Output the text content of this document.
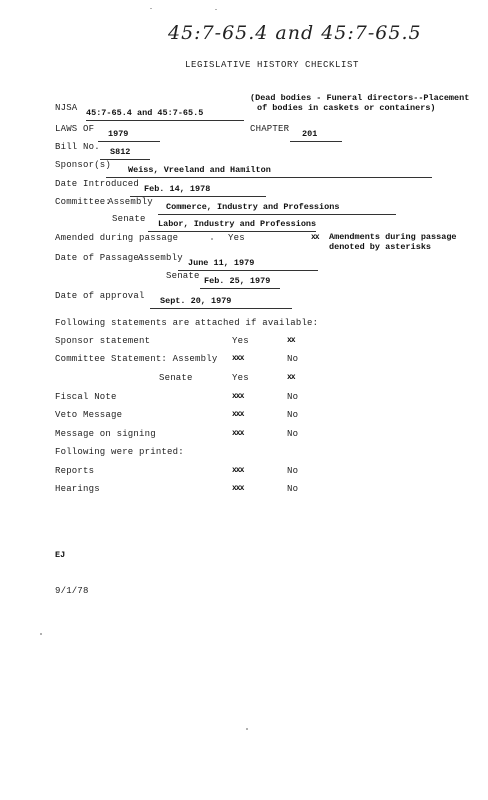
45:7-65.4 and 45:7-65.5
LEGISLATIVE HISTORY CHECKLIST
NJSA 45:7-65.4 and 45:7-65.5
(Dead bodies - Funeral directors--Placement
of bodies in caskets or containers)
LAWS OF	1979	CHAPTER	201
Bill No.	S812
Sponsor(s)	Weiss, Vreeland and Hamilton
Date Introduced Feb. 14, 1978
Committee:
Assembly	Commerce, Industry and Professions
Senate	Labor, Industry and Professions
Amended during passage	Yes	xx Amendments during passage
denoted by asterisks
Date of Passage:
Assembly June 11, 1979
Senate Feb. 25, 1979
Date of approval	Sept. 20, 1979
Following statements are attached if available:
Sponsor statement	Yes	xx
Committee Statement: Assembly xxx	No
Senate	Yes	xx
Fiscal Note	xxx	No
Veto Message	xxx	No
Message on signing	xxx	No
Following were printed:
Reports	xxx	No
Hearings	xxx	No
EJ
9/1/78
